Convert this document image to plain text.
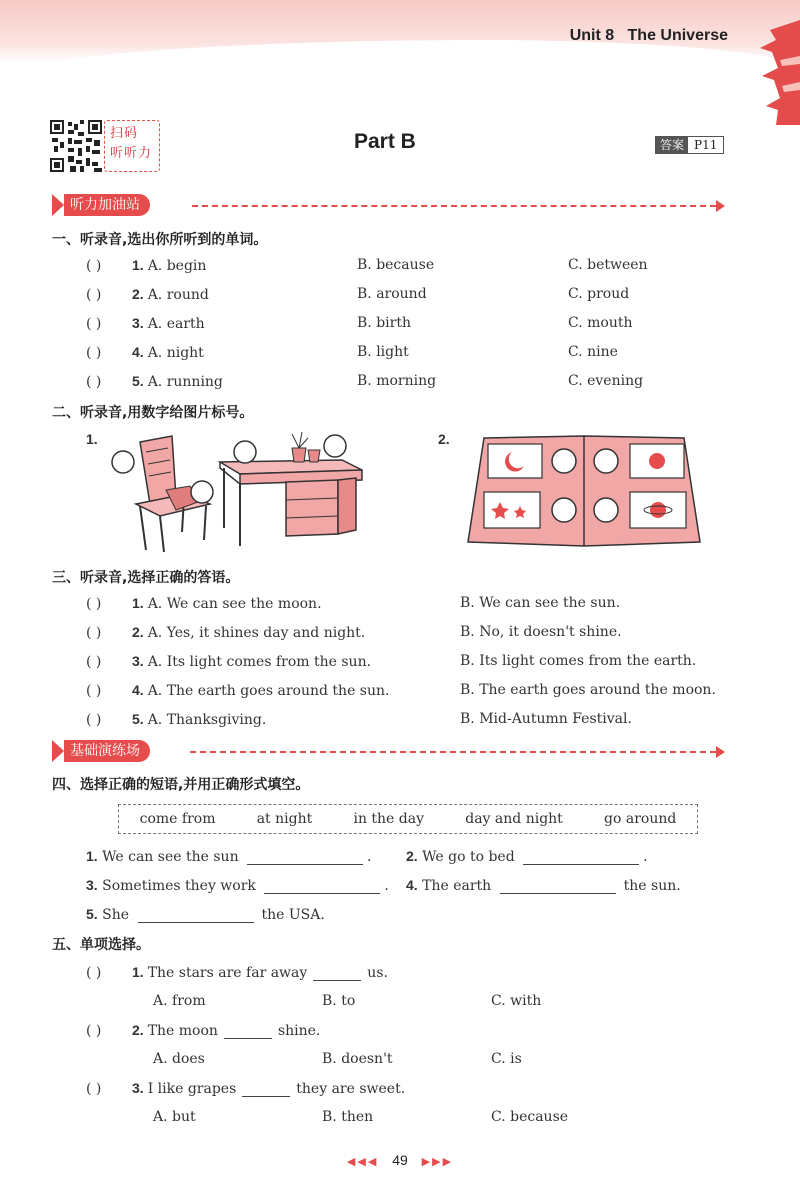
Unit 8 The Universe
扫码
听听力
Part B	答案 P11
听力加油站
一、听录音,选出你所听到的单词。
二、听录音,用数字给图片标号。
1.	2.
三、听录音,选择正确的答语。
基础演练场
四、选择正确的短语,并用正确形式填空。
come from	at night	in the day	day and night	go around
1. We can see the sun	. 2. We go to bed	.
3. Sometimes they work	. 4. The earth	the sun.
5. She	the USA.
五、单项选择。
◀◀◀ 49 ▶▶▶
( ) 1. A. begin	B. because	C. between
( ) 2. A. round	B. around	C. proud
( ) 3. A. earth	B. birth	C. mouth
( ) 4. A. night	B. light	C. nine
( ) 5. A. running	B. morning	C. evening
( ) 1. A. We can see the moon.	B. We can see the sun.
( ) 2. A. Yes, it shines day and night.	B. No, it doesn't shine.
( ) 3. A. Its light comes from the sun.	B. Its light comes from the earth.
( ) 4. A. The earth goes around the sun.	B. The earth goes around the moon.
( ) 5. A. Thanksgiving.	B. Mid-Autumn Festival.
( ) 1. The stars are far away	us.
A. from	B. to	C. with
( ) 2. The moon	shine.
A. does	B. doesn't	C. is
( ) 3. I like grapes	they are sweet.
A. but	B. then	C. because
